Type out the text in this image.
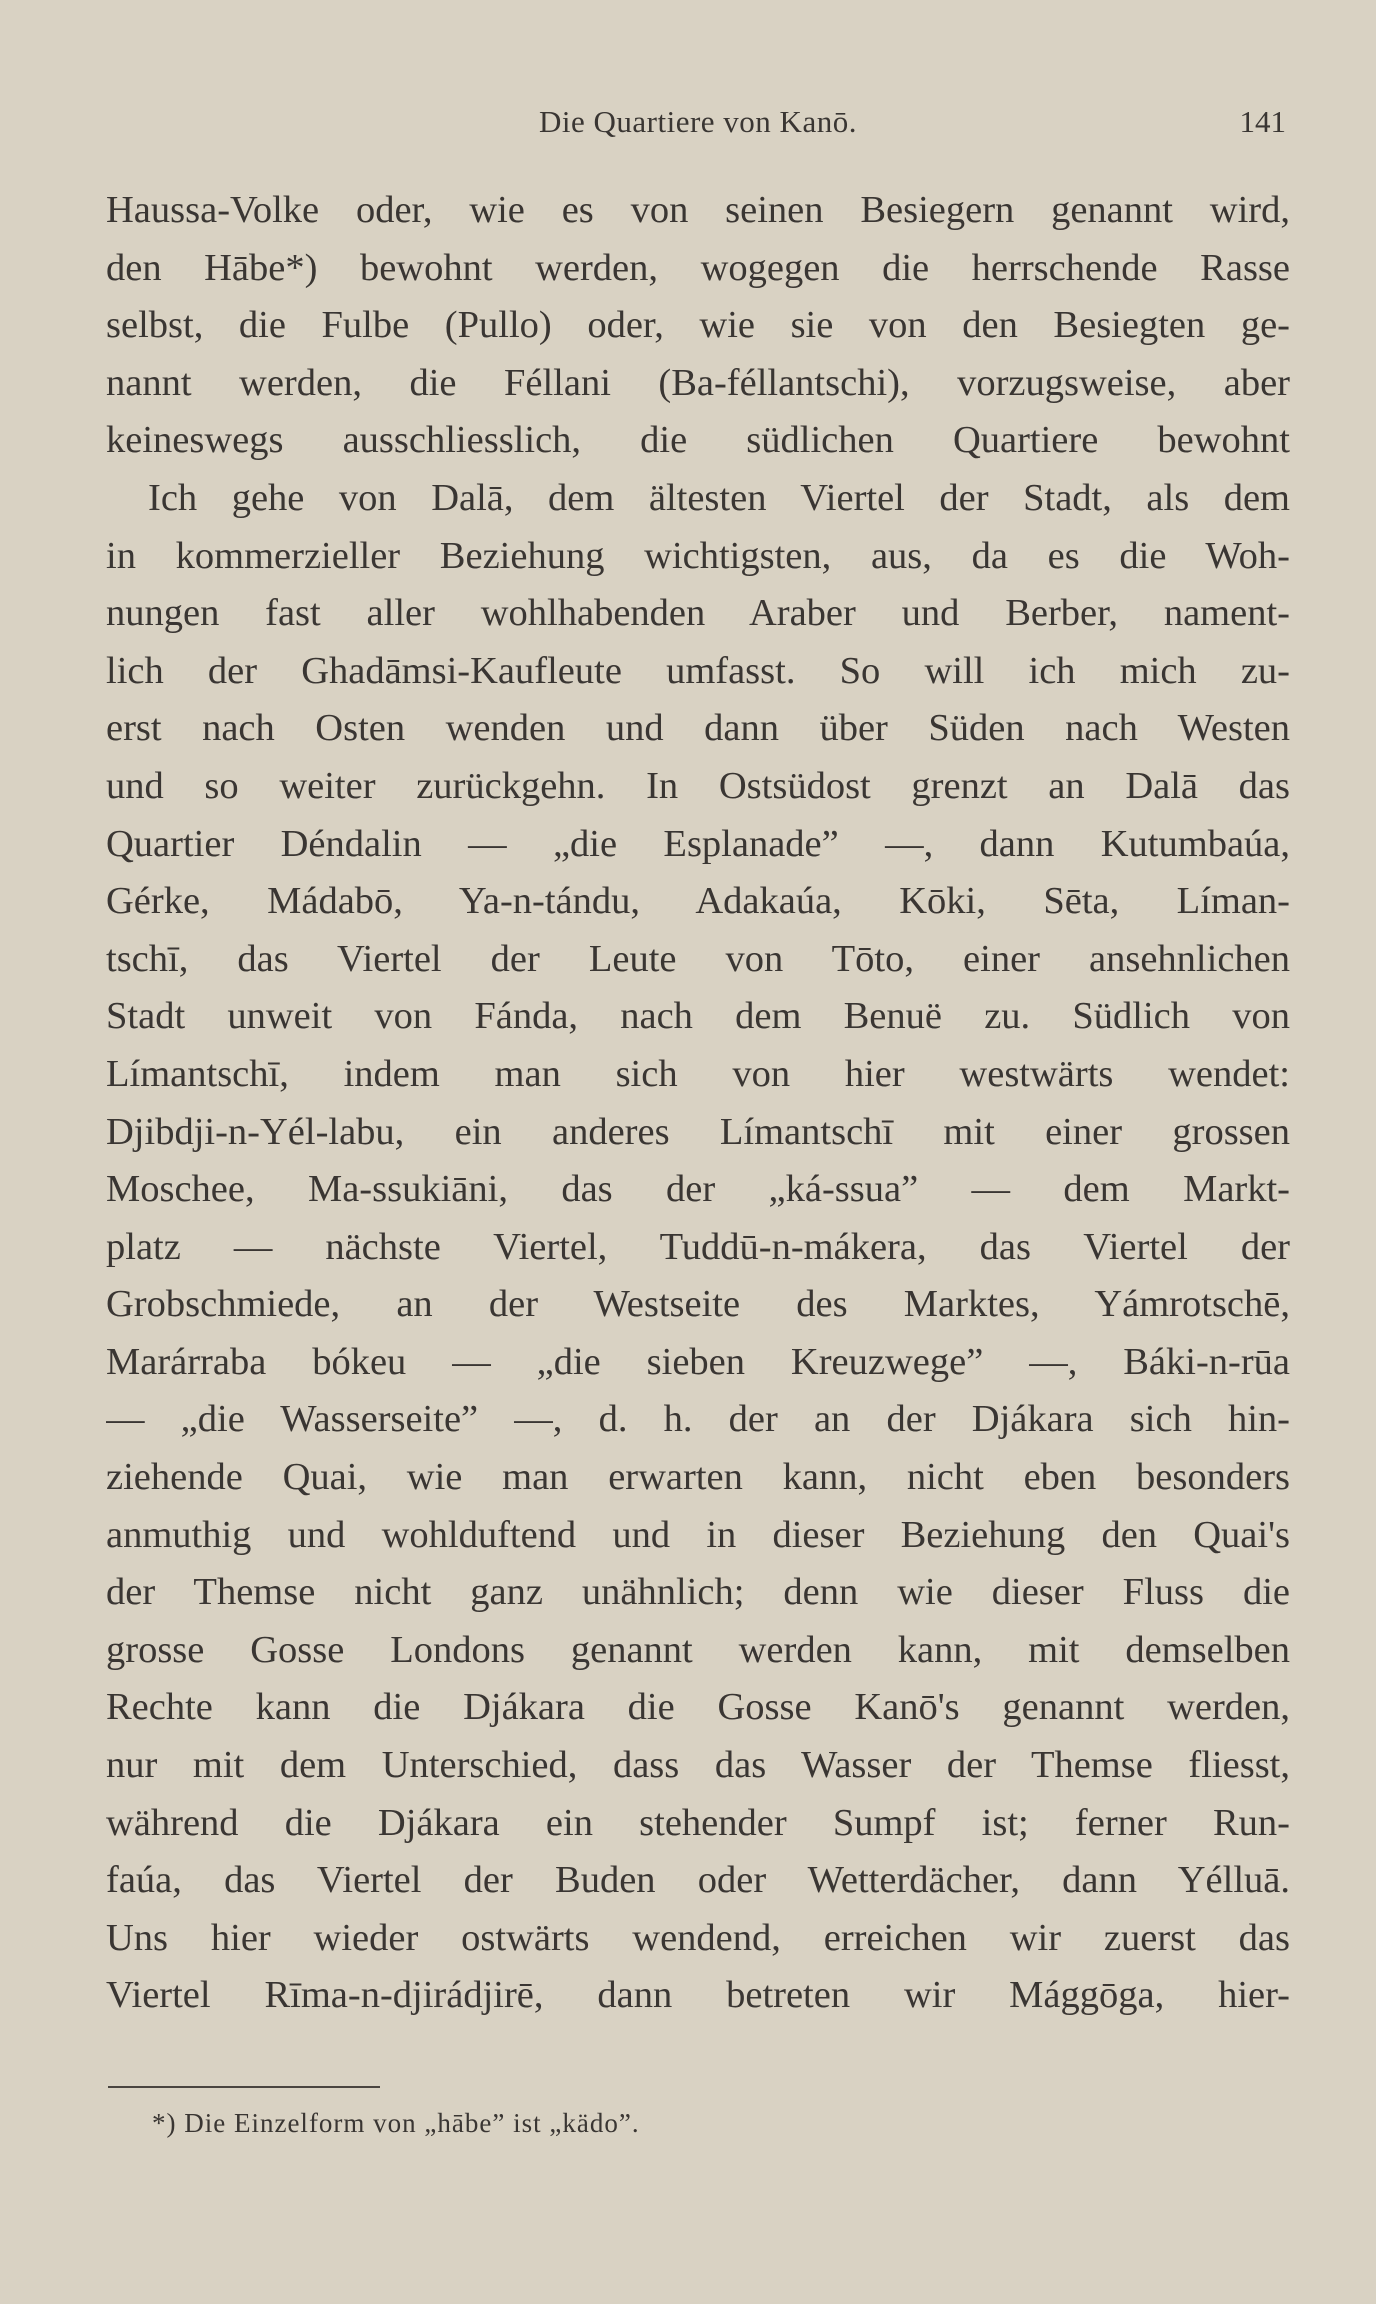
Die Quartiere von Kanō.	141
Haussa-Volke oder, wie es von seinen Besiegern genannt wird,
den Hābe*) bewohnt werden, wogegen die herrschende Rasse
selbst, die Fulbe (Pullo) oder, wie sie von den Besiegten ge-
nannt werden, die Féllani (Ba-féllantschi), vorzugsweise, aber
keineswegs ausschliesslich, die südlichen Quartiere bewohnt
Ich gehe von Dalā, dem ältesten Viertel der Stadt, als dem
in kommerzieller Beziehung wichtigsten, aus, da es die Woh-
nungen fast aller wohlhabenden Araber und Berber, nament-
lich der Ghadāmsi-Kaufleute umfasst. So will ich mich zu-
erst nach Osten wenden und dann über Süden nach Westen
und so weiter zurückgehn. In Ostsüdost grenzt an Dalā das
Quartier Déndalin — „die Esplanade” —, dann Kutumbaúa,
Gérke, Mádabō, Ya-n-tándu, Adakaúa, Kōki, Sēta, Líman-
tschī, das Viertel der Leute von Tōto, einer ansehnlichen
Stadt unweit von Fánda, nach dem Benuë zu. Südlich von
Límantschī, indem man sich von hier westwärts wendet:
Djibdji-n-Yél-labu, ein anderes Límantschī mit einer grossen
Moschee, Ma-ssukiāni, das der „ká-ssua” — dem Markt-
platz — nächste Viertel, Tuddū-n-mákera, das Viertel der
Grobschmiede, an der Westseite des Marktes, Yámrotschē,
Marárraba bókeu — „die sieben Kreuzwege” —, Báki-n-rūa
— „die Wasserseite” —, d. h. der an der Djákara sich hin-
ziehende Quai, wie man erwarten kann, nicht eben besonders
anmuthig und wohlduftend und in dieser Beziehung den Quai's
der Themse nicht ganz unähnlich; denn wie dieser Fluss die
grosse Gosse Londons genannt werden kann, mit demselben
Rechte kann die Djákara die Gosse Kanō's genannt werden,
nur mit dem Unterschied, dass das Wasser der Themse fliesst,
während die Djákara ein stehender Sumpf ist; ferner Run-
faúa, das Viertel der Buden oder Wetterdächer, dann Yélluā.
Uns hier wieder ostwärts wendend, erreichen wir zuerst das
Viertel Rīma-n-djirádjirē, dann betreten wir Mággōga, hier-
*) Die Einzelform von „hābe” ist „kädo”.
